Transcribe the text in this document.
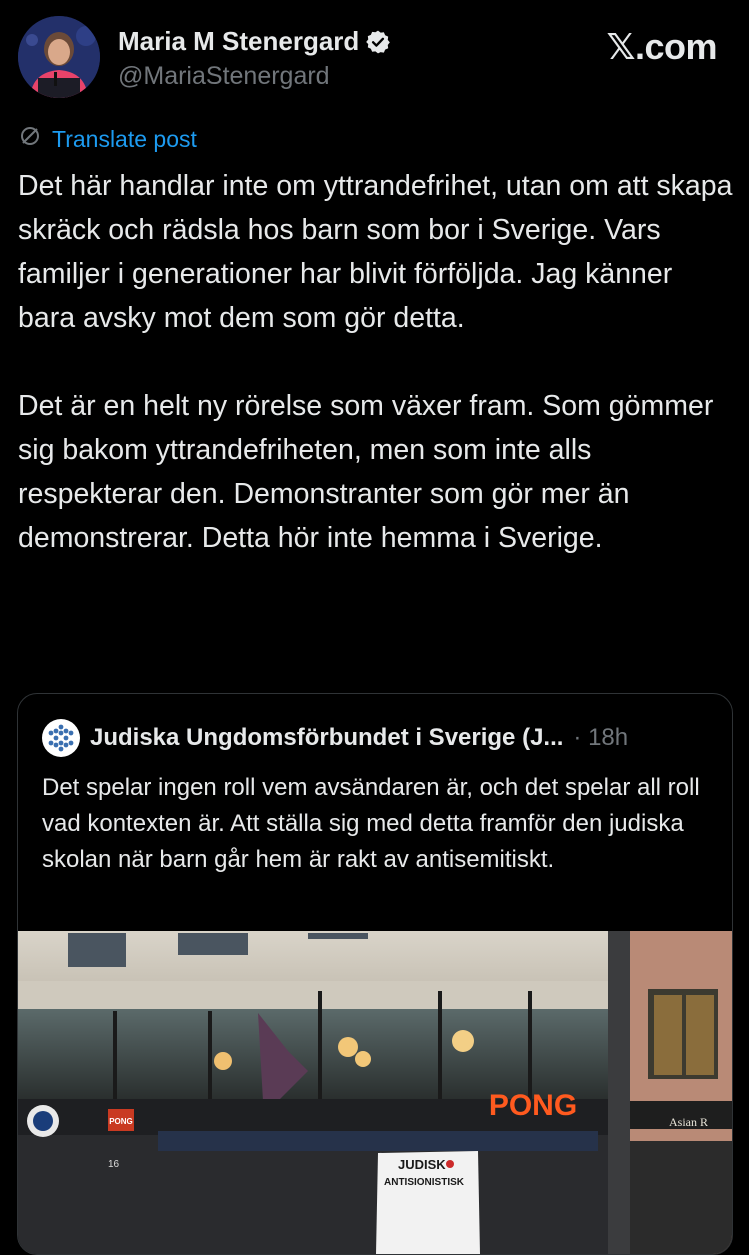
Maria M Stenergard
@MariaStenergard
𝕏.com
Translate post

Det här handlar inte om yttrandefrihet, utan om att skapa skräck och rädsla hos barn som bor i Sverige. Vars familjer i generationer har blivit förföljda. Jag känner bara avsky mot dem som gör detta.

Det är en helt ny rörelse som växer fram. Som gömmer sig bakom yttrandefriheten, men som inte alls respekterar den. Demonstranter som gör mer än demonstrerar. Detta hör inte hemma i Sverige.

Judiska Ungdomsförbundet i Sverige (J... · 18h
Det spelar ingen roll vem avsändaren är, och det spelar all roll vad kontexten är. Att ställa sig med detta framför den judiska skolan när barn går hem är rakt av antisemitiskt.
PONG	PONG	Asian R
16	JUDISK
ANTISIONISTISK
